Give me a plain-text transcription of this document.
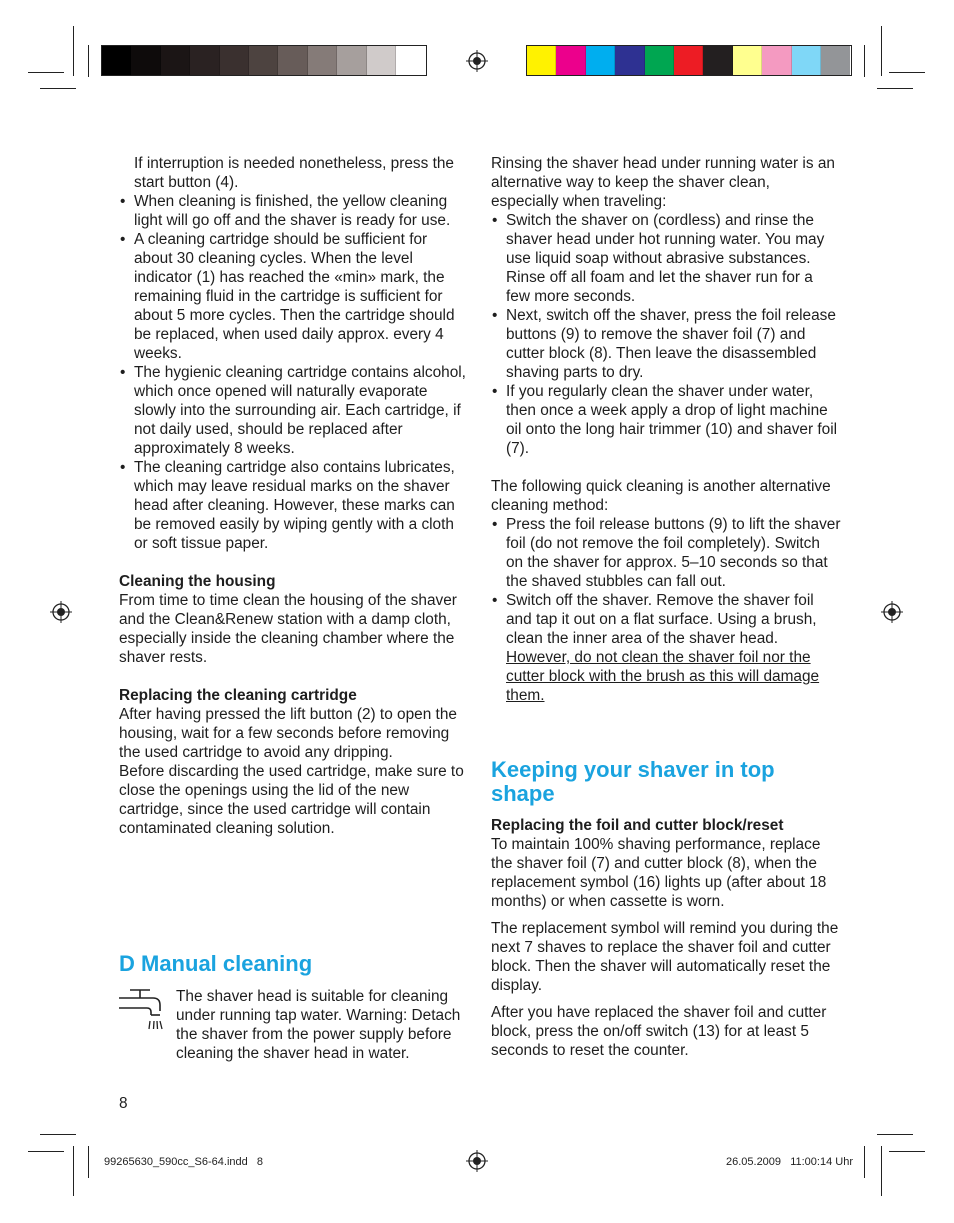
If interruption is needed nonetheless, press the start button (4).

• When cleaning is finished, the yellow cleaning light will go off and the shaver is ready for use.
• A cleaning cartridge should be sufficient for about 30 cleaning cycles. When the level indicator (1) has reached the «min» mark, the remaining fluid in the cartridge is sufficient for about 5 more cycles. Then the cartridge should be replaced, when used daily approx. every 4 weeks.
• The hygienic cleaning cartridge contains alcohol, which once opened will naturally evaporate slowly into the surrounding air. Each cartridge, if not daily used, should be replaced after approximately 8 weeks.
• The cleaning cartridge also contains lubricates, which may leave residual marks on the shaver head after cleaning. However, these marks can be removed easily by wiping gently with a cloth or soft tissue paper.

Cleaning the housing

From time to time clean the housing of the shaver and the Clean&Renew station with a damp cloth, especially inside the cleaning chamber where the shaver rests.

Replacing the cleaning cartridge

After having pressed the lift button (2) to open the housing, wait for a few seconds before removing the used cartridge to avoid any dripping.

Before discarding the used cartridge, make sure to close the openings using the lid of the new cartridge, since the used cartridge will contain contaminated cleaning solution.

D Manual cleaning

The shaver head is suitable for cleaning under running tap water. Warning: Detach the shaver from the power supply before cleaning the shaver head in water.

8

Rinsing the shaver head under running water is an alternative way to keep the shaver clean, especially when traveling:

• Switch the shaver on (cordless) and rinse the shaver head under hot running water. You may use liquid soap without abrasive substances. Rinse off all foam and let the shaver run for a few more seconds.
• Next, switch off the shaver, press the foil release buttons (9) to remove the shaver foil (7) and cutter block (8). Then leave the disassembled shaving parts to dry.
• If you regularly clean the shaver under water, then once a week apply a drop of light machine oil onto the long hair trimmer (10) and shaver foil (7).

The following quick cleaning is another alternative cleaning method:

• Press the foil release buttons (9) to lift the shaver foil (do not remove the foil completely). Switch on the shaver for approx. 5–10 seconds so that the shaved stubbles can fall out.
• Switch off the shaver. Remove the shaver foil and tap it out on a flat surface. Using a brush, clean the inner area of the shaver head. However, do not clean the shaver foil nor the cutter block with the brush as this will damage them.
Keeping your shaver in top shape

Replacing the foil and cutter block/reset

To maintain 100% shaving performance, replace the shaver foil (7) and cutter block (8), when the replacement symbol (16) lights up (after about 18 months) or when cassette is worn.

The replacement symbol will remind you during the next 7 shaves to replace the shaver foil and cutter block. Then the shaver will automatically reset the display.

After you have replaced the shaver foil and cutter block, press the on/off switch (13) for at least 5 seconds to reset the counter.

99265630_590cc_S6-64.indd   8	26.05.2009   11:00:14 Uhr
